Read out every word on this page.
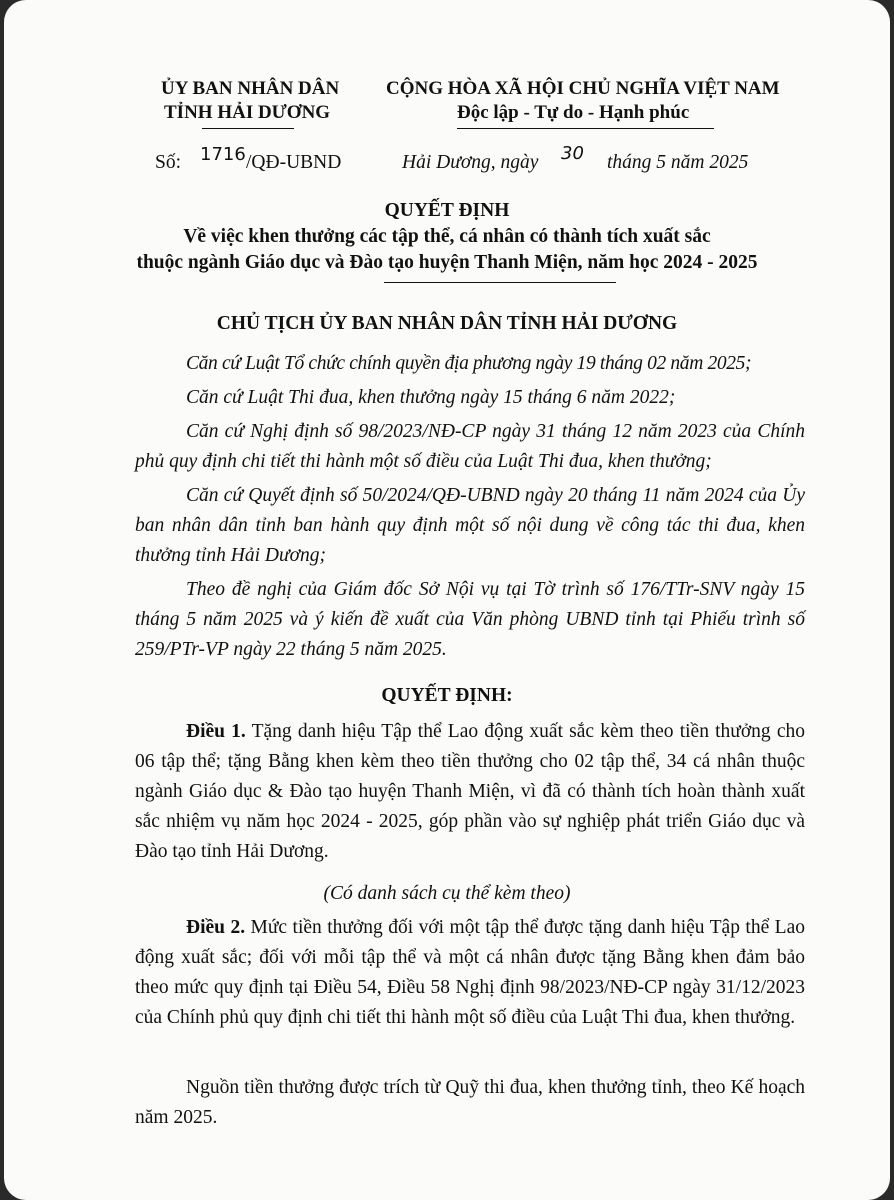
ỦY BAN NHÂN DÂN
TỈNH HẢI DƯƠNG
CỘNG HÒA XÃ HỘI CHỦ NGHĨA VIỆT NAM
Độc lập - Tự do - Hạnh phúc
Số: 1716 /QĐ-UBND	Hải Dương, ngày 30 tháng 5 năm 2025
QUYẾT ĐỊNH
Về việc khen thưởng các tập thể, cá nhân có thành tích xuất sắc
thuộc ngành Giáo dục và Đào tạo huyện Thanh Miện, năm học 2024 - 2025
CHỦ TỊCH ỦY BAN NHÂN DÂN TỈNH HẢI DƯƠNG

Căn cứ Luật Tổ chức chính quyền địa phương ngày 19 tháng 02 năm 2025;

Căn cứ Luật Thi đua, khen thưởng ngày 15 tháng 6 năm 2022;

Căn cứ Nghị định số 98/2023/NĐ-CP ngày 31 tháng 12 năm 2023 của Chính phủ quy định chi tiết thi hành một số điều của Luật Thi đua, khen thưởng;

Căn cứ Quyết định số 50/2024/QĐ-UBND ngày 20 tháng 11 năm 2024 của Ủy ban nhân dân tỉnh ban hành quy định một số nội dung về công tác thi đua, khen thưởng tỉnh Hải Dương;

Theo đề nghị của Giám đốc Sở Nội vụ tại Tờ trình số 176/TTr-SNV ngày 15 tháng 5 năm 2025 và ý kiến đề xuất của Văn phòng UBND tỉnh tại Phiếu trình số 259/PTr-VP ngày 22 tháng 5 năm 2025.

QUYẾT ĐỊNH:

Điều 1. Tặng danh hiệu Tập thể Lao động xuất sắc kèm theo tiền thưởng cho 06 tập thể; tặng Bằng khen kèm theo tiền thưởng cho 02 tập thể, 34 cá nhân thuộc ngành Giáo dục & Đào tạo huyện Thanh Miện, vì đã có thành tích hoàn thành xuất sắc nhiệm vụ năm học 2024 - 2025, góp phần vào sự nghiệp phát triển Giáo dục và Đào tạo tỉnh Hải Dương.

(Có danh sách cụ thể kèm theo)

Điều 2. Mức tiền thưởng đối với một tập thể được tặng danh hiệu Tập thể Lao động xuất sắc; đối với mỗi tập thể và một cá nhân được tặng Bằng khen đảm bảo theo mức quy định tại Điều 54, Điều 58 Nghị định 98/2023/NĐ-CP ngày 31/12/2023 của Chính phủ quy định chi tiết thi hành một số điều của Luật Thi đua, khen thưởng.

Nguồn tiền thưởng được trích từ Quỹ thi đua, khen thưởng tỉnh, theo Kế hoạch năm 2025.
